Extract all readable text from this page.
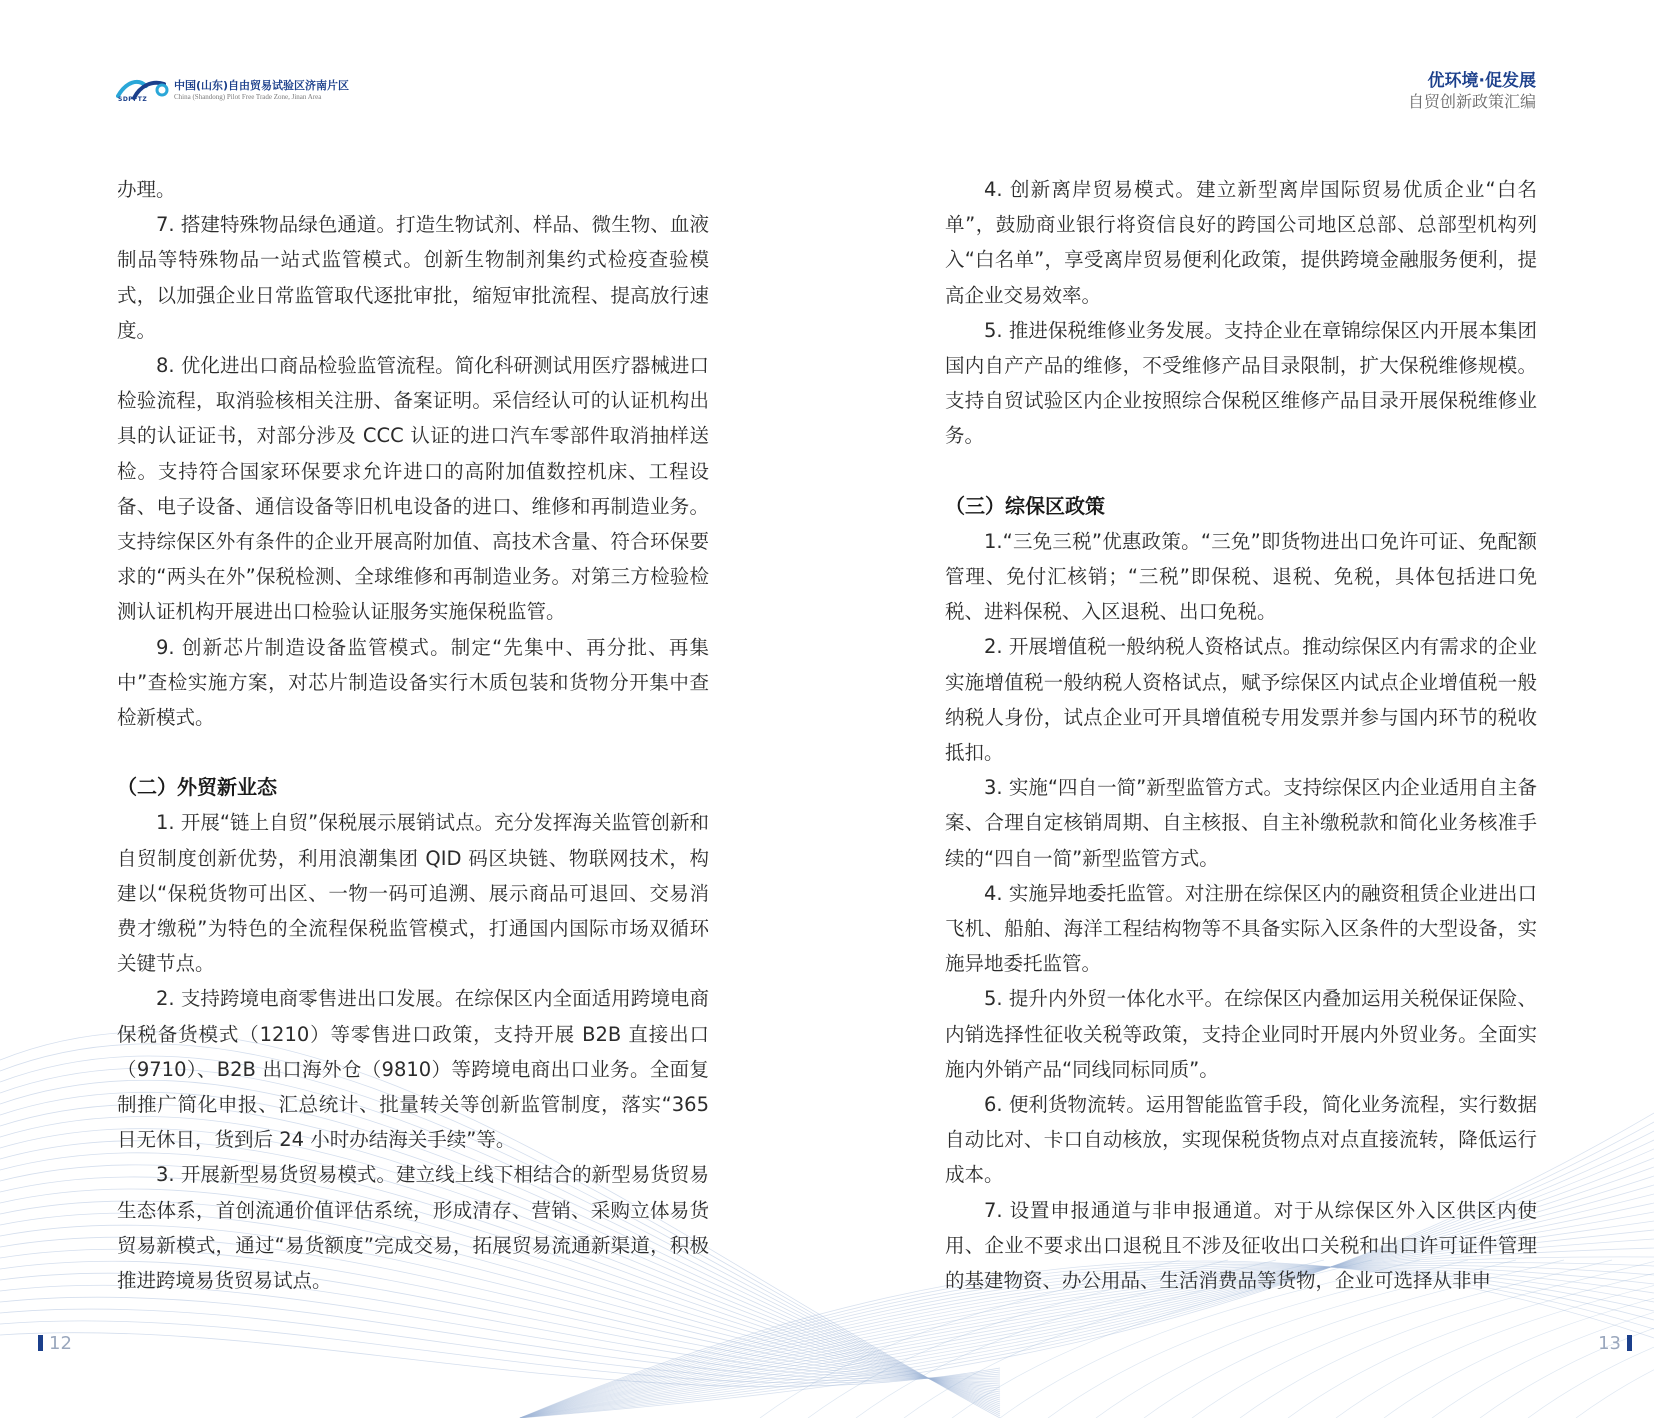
SDPFTZ
中国(山东)自由贸易试验区济南片区
China (Shandong) Pilot Free Trade Zone, Jinan Area
优环境·促发展
自贸创新政策汇编

办理。

7. 搭建特殊物品绿色通道。打造生物试剂、样品、微生物、血液制品等特殊物品一站式监管模式。创新生物制剂集约式检疫查验模式，以加强企业日常监管取代逐批审批，缩短审批流程、提高放行速度。

8. 优化进出口商品检验监管流程。简化科研测试用医疗器械进口检验流程，取消验核相关注册、备案证明。采信经认可的认证机构出具的认证证书，对部分涉及 CCC 认证的进口汽车零部件取消抽样送检。支持符合国家环保要求允许进口的高附加值数控机床、工程设备、电子设备、通信设备等旧机电设备的进口、维修和再制造业务。支持综保区外有条件的企业开展高附加值、高技术含量、符合环保要求的“两头在外”保税检测、全球维修和再制造业务。对第三方检验检测认证机构开展进出口检验认证服务实施保税监管。

9. 创新芯片制造设备监管模式。制定“先集中、再分批、再集中”查检实施方案，对芯片制造设备实行木质包装和货物分开集中查检新模式。

（二）外贸新业态

1. 开展“链上自贸”保税展示展销试点。充分发挥海关监管创新和自贸制度创新优势，利用浪潮集团 QID 码区块链、物联网技术，构建以“保税货物可出区、一物一码可追溯、展示商品可退回、交易消费才缴税”为特色的全流程保税监管模式，打通国内国际市场双循环关键节点。

2. 支持跨境电商零售进出口发展。在综保区内全面适用跨境电商保税备货模式（1210）等零售进口政策，支持开展 B2B 直接出口（9710）、B2B 出口海外仓（9810）等跨境电商出口业务。全面复制推广简化申报、汇总统计、批量转关等创新监管制度，落实“365日无休日，货到后 24 小时办结海关手续”等。

3. 开展新型易货贸易模式。建立线上线下相结合的新型易货贸易生态体系，首创流通价值评估系统，形成清存、营销、采购立体易货贸易新模式，通过“易货额度”完成交易，拓展贸易流通新渠道，积极推进跨境易货贸易试点。

4. 创新离岸贸易模式。建立新型离岸国际贸易优质企业“白名单”，鼓励商业银行将资信良好的跨国公司地区总部、总部型机构列入“白名单”，享受离岸贸易便利化政策，提供跨境金融服务便利，提高企业交易效率。

5. 推进保税维修业务发展。支持企业在章锦综保区内开展本集团国内自产产品的维修，不受维修产品目录限制，扩大保税维修规模。支持自贸试验区内企业按照综合保税区维修产品目录开展保税维修业务。

（三）综保区政策

1.“三免三税”优惠政策。“三免”即货物进出口免许可证、免配额管理、免付汇核销；“三税”即保税、退税、免税，具体包括进口免税、进料保税、入区退税、出口免税。

2. 开展增值税一般纳税人资格试点。推动综保区内有需求的企业实施增值税一般纳税人资格试点，赋予综保区内试点企业增值税一般纳税人身份，试点企业可开具增值税专用发票并参与国内环节的税收抵扣。

3. 实施“四自一简”新型监管方式。支持综保区内企业适用自主备案、合理自定核销周期、自主核报、自主补缴税款和简化业务核准手续的“四自一简”新型监管方式。

4. 实施异地委托监管。对注册在综保区内的融资租赁企业进出口飞机、船舶、海洋工程结构物等不具备实际入区条件的大型设备，实施异地委托监管。

5. 提升内外贸一体化水平。在综保区内叠加运用关税保证保险、内销选择性征收关税等政策，支持企业同时开展内外贸业务。全面实施内外销产品“同线同标同质”。

6. 便利货物流转。运用智能监管手段，简化业务流程，实行数据自动比对、卡口自动核放，实现保税货物点对点直接流转，降低运行成本。

7. 设置申报通道与非申报通道。对于从综保区外入区供区内使用、企业不要求出口退税且不涉及征收出口关税和出口许可证件管理的基建物资、办公用品、生活消费品等货物，企业可选择从非申

12	13
